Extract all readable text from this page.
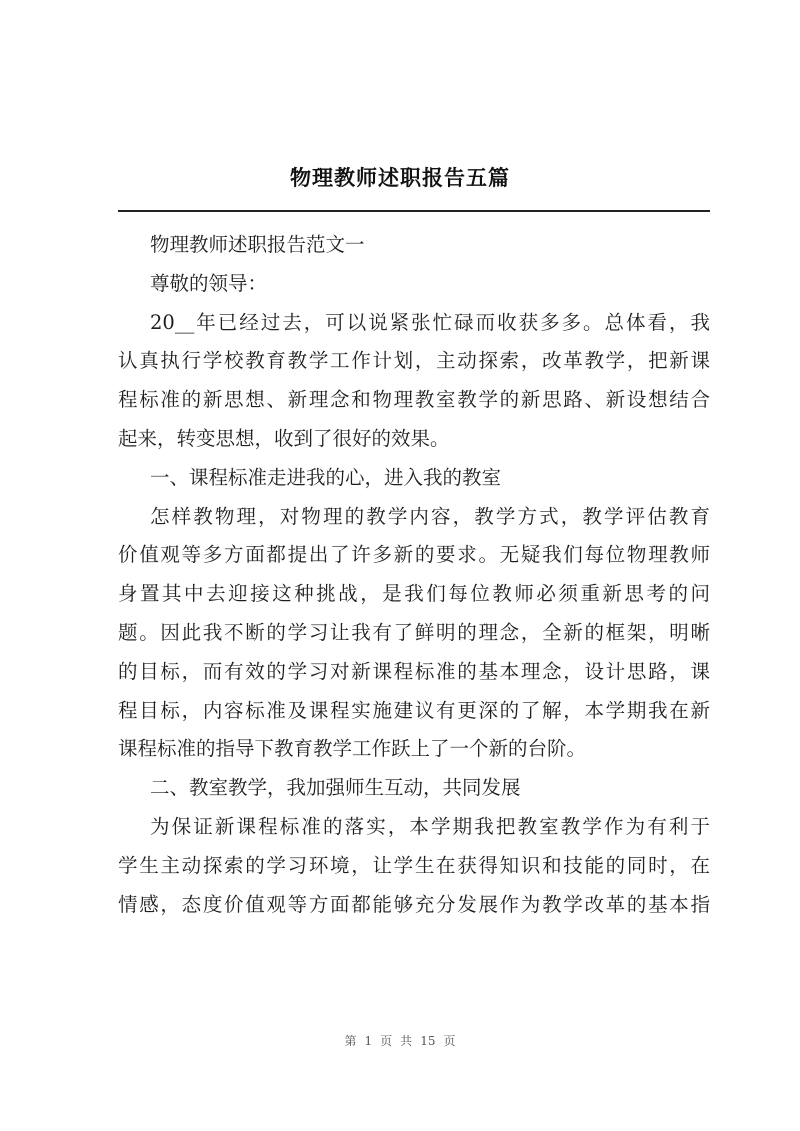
物理教师述职报告五篇
物理教师述职报告范文一
尊敬的领导：
20__年已经过去，可以说紧张忙碌而收获多多。总体看，我
认真执行学校教育教学工作计划，主动探索，改革教学，把新课
程标准的新思想、新理念和物理教室教学的新思路、新设想结合
起来，转变思想，收到了很好的效果。
一、课程标准走进我的心，进入我的教室
怎样教物理，对物理的教学内容，教学方式，教学评估教育
价值观等多方面都提出了许多新的要求。无疑我们每位物理教师
身置其中去迎接这种挑战，是我们每位教师必须重新思考的问
题。因此我不断的学习让我有了鲜明的理念，全新的框架，明晰
的目标，而有效的学习对新课程标准的基本理念，设计思路，课
程目标，内容标准及课程实施建议有更深的了解，本学期我在新
课程标准的指导下教育教学工作跃上了一个新的台阶。
二、教室教学，我加强师生互动，共同发展
为保证新课程标准的落实，本学期我把教室教学作为有利于
学生主动探索的学习环境，让学生在获得知识和技能的同时，在
情感，态度价值观等方面都能够充分发展作为教学改革的基本指
第 1 页 共 15 页
